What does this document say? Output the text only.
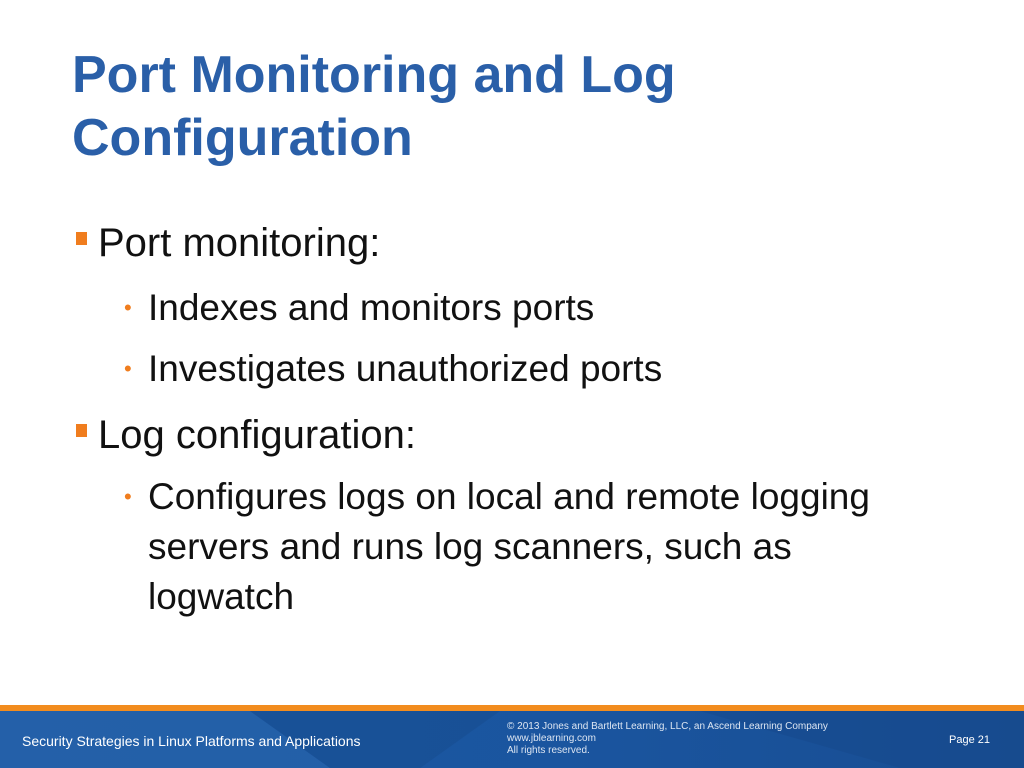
Port Monitoring and Log
Configuration
Port monitoring:
• Indexes and monitors ports
• Investigates unauthorized ports
Log configuration:
• Configures logs on local and remote logging
servers and runs log scanners, such as
logwatch
Security Strategies in Linux Platforms and Applications
© 2013 Jones and Bartlett Learning, LLC, an Ascend Learning Company
www.jblearning.com
All rights reserved.
Page 21
